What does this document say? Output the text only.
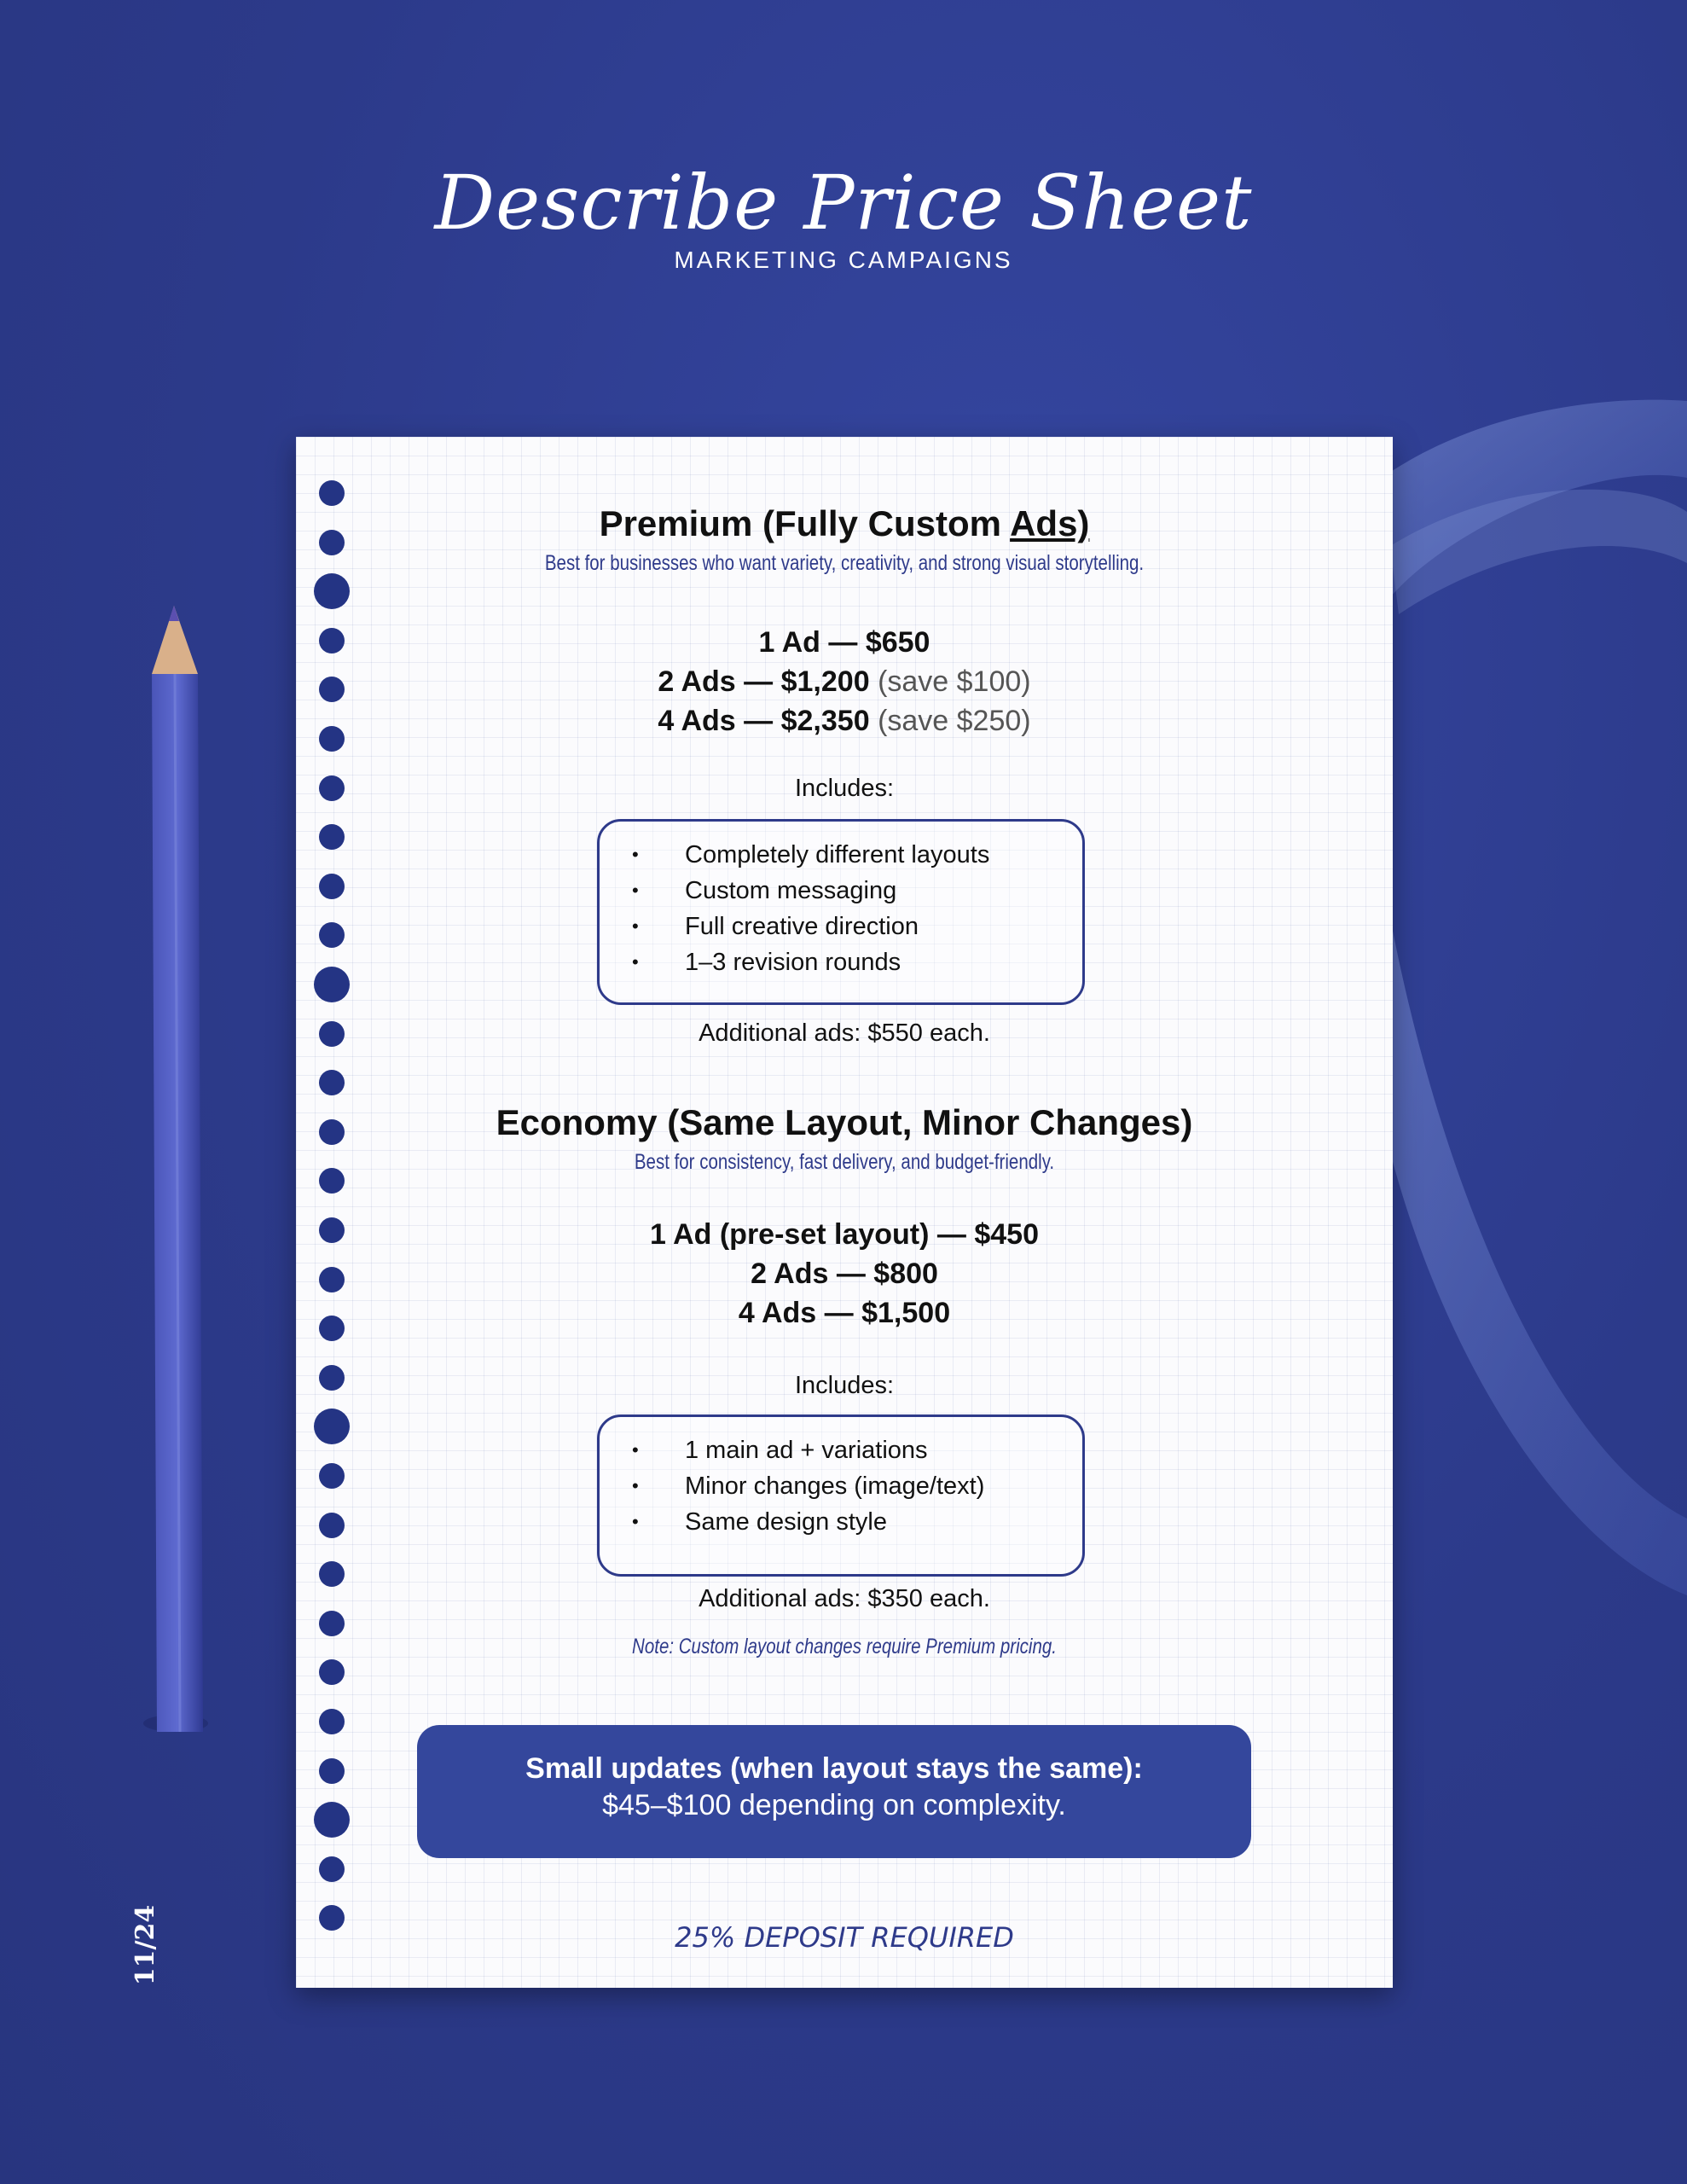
Describe Price Sheet
MARKETING CAMPAIGNS
11/24
Premium (Fully Custom Ads)
Best for businesses who want variety, creativity, and strong visual storytelling.
1 Ad — $650
2 Ads — $1,200 (save $100)
4 Ads — $2,350 (save $250)
Includes:
• Completely different layouts
• Custom messaging
• Full creative direction
• 1–3 revision rounds
Additional ads: $550 each.
Economy (Same Layout, Minor Changes)
Best for consistency, fast delivery, and budget-friendly.
1 Ad (pre-set layout) — $450
2 Ads — $800
4 Ads — $1,500
Includes:
• 1 main ad + variations
• Minor changes (image/text)
• Same design style
Additional ads: $350 each.
Note: Custom layout changes require Premium pricing.
Small updates (when layout stays the same):
$45–$100 depending on complexity.
25% DEPOSIT REQUIRED
